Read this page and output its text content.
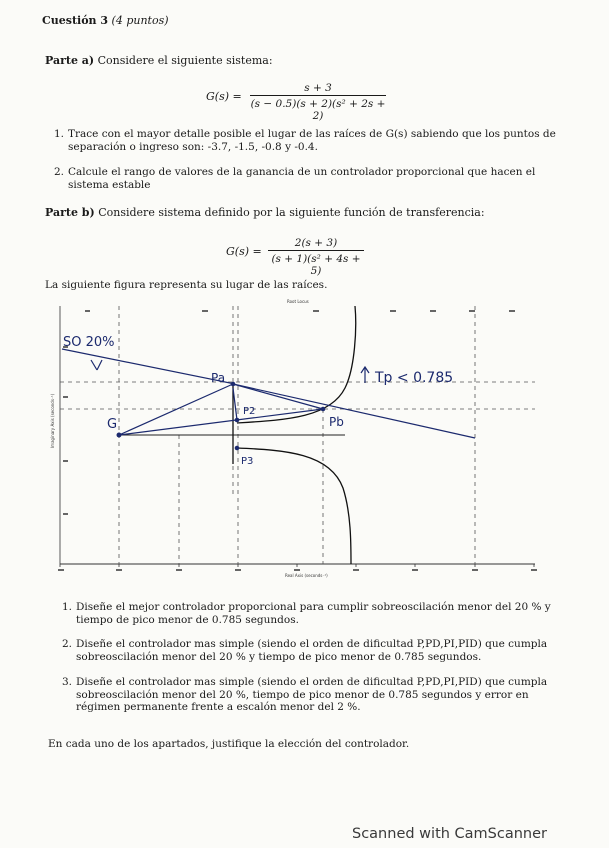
Cuestión 3 (4 puntos)
Parte a) Considere el siguiente sistema:
$G(s) = \frac{s + 3}{\text{(s − 0.5)(s + 2)(s² + 2s + 2)}}$
1. Trace con el mayor detalle posible el lugar de las raíces de G(s) sabiendo que los puntos de separación o ingreso son: -3.7, -1.5, -0.8 y -0.4.
2. Calcule el rango de valores de la ganancia de un controlador proporcional que hacen el sistema estable
Parte b) Considere sistema definido por la siguiente función de transferencia:
$G(s) = \frac{2(s + 3)}{\text{(s + 1)(s² + 4s + 5)}}$
La siguiente figura representa su lugar de las raíces.
SO 20%
Tp < 0.785
G
Pa
Pb
P2
P3
Root Locus
Real Axis (seconds⁻¹)
Imaginary Axis (seconds⁻¹)
1. Diseñe el mejor controlador proporcional para cumplir sobreoscilación menor del 20 % y tiempo de pico menor de 0.785 segundos.
2. Diseñe el controlador mas simple (siendo el orden de dificultad P,PD,PI,PID) que cumpla sobreoscilación menor del 20 % y tiempo de pico menor de 0.785 segundos.
3. Diseñe el controlador mas simple (siendo el orden de dificultad P,PD,PI,PID) que cumpla sobreoscilación menor del 20 %, tiempo de pico menor de 0.785 segundos y error en régimen permanente frente a escalón menor del 2 %.
En cada uno de los apartados, justifique la elección del controlador.
Scanned with CamScanner
